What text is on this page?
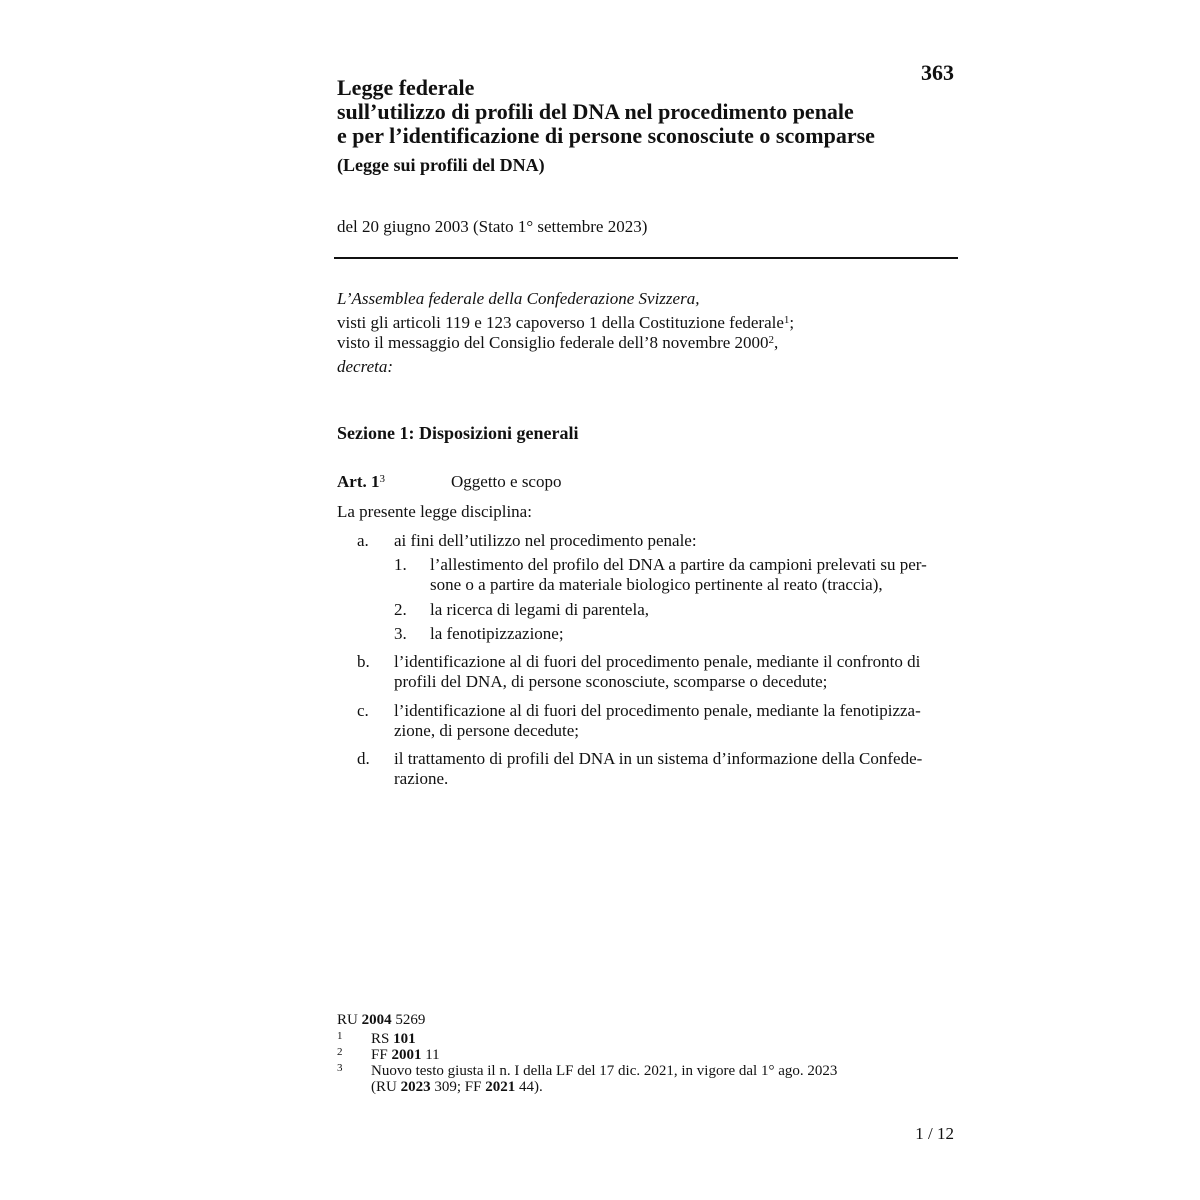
363
Legge federale
sull’utilizzo di profili del DNA nel procedimento penale
e per l’identificazione di persone sconosciute o scomparse
(Legge sui profili del DNA)
del 20 giugno 2003 (Stato 1° settembre 2023)
L’Assemblea federale della Confederazione Svizzera,
visti gli articoli 119 e 123 capoverso 1 della Costituzione federale$^1$;
visto il messaggio del Consiglio federale dell’8 novembre 2000$^2$,
decreta:
Sezione 1: Disposizioni generali
Art. $1^3$	Oggetto e scopo
La presente legge disciplina:
a. ai fini dell’utilizzo nel procedimento penale:
1. l’allestimento del profilo del DNA a partire da campioni prelevati su per-
sone o a partire da materiale biologico pertinente al reato (traccia),
2. la ricerca di legami di parentela,
3. la fenotipizzazione;
b. l’identificazione al di fuori del procedimento penale, mediante il confronto di
profili del DNA, di persone sconosciute, scomparse o decedute;
c. l’identificazione al di fuori del procedimento penale, mediante la fenotipizza-
zione, di persone decedute;
d. il trattamento di profili del DNA in un sistema d’informazione della Confede-
razione.
RU 2004 5269
1 RS 101
2 FF 2001 11
3 Nuovo testo giusta il n. I della LF del 17 dic. 2021, in vigore dal 1° ago. 2023
(RU 2023 309; FF 2021 44).
1 / 12
